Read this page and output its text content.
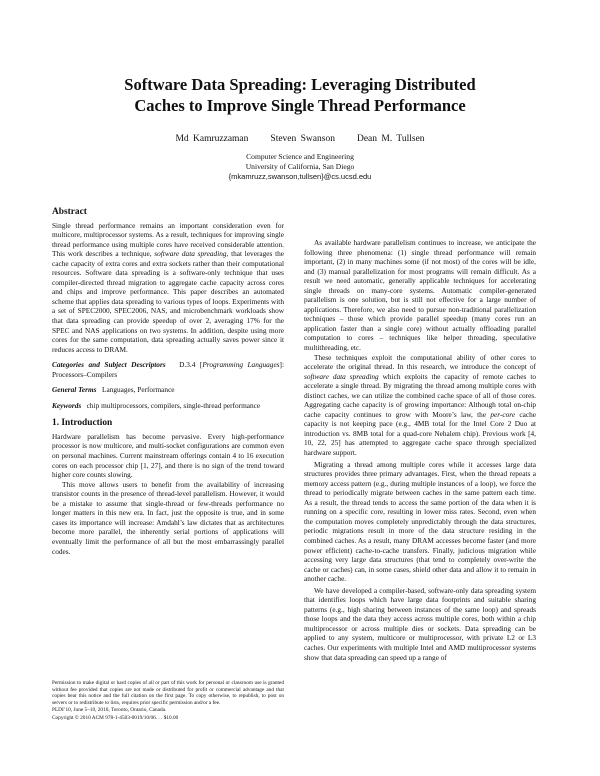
Software Data Spreading: Leveraging Distributed
Caches to Improve Single Thread Performance
Md Kamruzzaman Steven Swanson Dean M. Tullsen
Computer Science and Engineering
University of California, San Diego
{mkamruzz,swanson,tullsen}@cs.ucsd.edu
Abstract

Single thread performance remains an important consideration even for multicore, multiprocessor systems. As a result, techniques for improving single thread performance using multiple cores have received considerable attention. This work describes a technique, software data spreading, that leverages the cache capacity of extra cores and extra sockets rather than their computational resources. Software data spreading is a software-only technique that uses compiler-directed thread migration to aggregate cache capacity across cores and chips and improve performance. This paper describes an automated scheme that applies data spreading to various types of loops. Experiments with a set of SPEC2000, SPEC2006, NAS, and microbenchmark workloads show that data spreading can provide speedup of over 2, averaging 17% for the SPEC and NAS applications on two systems. In addition, despite using more cores for the same computation, data spreading actually saves power since it reduces access to DRAM.

Categories and Subject Descriptors D.3.4 [Programming Languages]: Processors–Compilers

General Terms Languages, Performance

Keywords chip multiprocessors, compilers, single-thread performance

1. Introduction

Hardware parallelism has become pervasive. Every high-performance processor is now multicore, and multi-socket configurations are common even on personal machines. Current mainstream offerings contain 4 to 16 execution cores on each processor chip [1, 27], and there is no sign of the trend toward higher core counts slowing.

This move allows users to benefit from the availability of increasing transistor counts in the presence of thread-level parallelism. However, it would be a mistake to assume that single-thread or few-threads performance no longer matters in this new era. In fact, just the opposite is true, and in some cases its importance will increase: Amdahl’s law dictates that as architectures become more parallel, the inherently serial portions of applications will eventually limit the performance of all but the most embarrassingly parallel codes.

Permission to make digital or hard copies of all or part of this work for personal or classroom use is granted without fee provided that copies are not made or distributed for profit or commercial advantage and that copies bear this notice and the full citation on the first page. To copy otherwise, to republish, to post on servers or to redistribute to lists, requires prior specific permission and/or a fee.

PLDI’10, June 5–10, 2010, Toronto, Ontario, Canada.

Copyright © 2010 ACM 978-1-4503-0019/10/06. . . $10.00

As available hardware parallelism continues to increase, we anticipate the following three phenomena: (1) single thread performance will remain important, (2) in many machines some (if not most) of the cores will be idle, and (3) manual parallelization for most programs will remain difficult. As a result we need automatic, generally applicable techniques for accelerating single threads on many-core systems. Automatic compiler-generated parallelism is one solution, but is still not effective for a large number of applications. Therefore, we also need to pursue non-traditional parallelization techniques – those which provide parallel speedup (many cores run an application faster than a single core) without actually offloading parallel computation to cores – techniques like helper threading, speculative multithreading, etc.

These techniques exploit the computational ability of other cores to accelerate the original thread. In this research, we introduce the concept of software data spreading which exploits the capacity of remote caches to accelerate a single thread. By migrating the thread among multiple cores with distinct caches, we can utilize the combined cache space of all of those cores. Aggregating cache capacity is of growing importance: Although total on-chip cache capacity continues to grow with Moore’s law, the per-core cache capacity is not keeping pace (e.g., 4MB total for the Intel Core 2 Duo at introduction vs. 8MB total for a quad-core Nehalem chip). Previous work [4, 10, 22, 25] has attempted to aggregate cache space through specialized hardware support.

Migrating a thread among multiple cores while it accesses large data structures provides three primary advantages. First, when the thread repeats a memory access pattern (e.g., during multiple instances of a loop), we force the thread to periodically migrate between caches in the same pattern each time. As a result, the thread tends to access the same portion of the data when it is running on a specific core, resulting in lower miss rates. Second, even when the computation moves completely unpredictably through the data structures, periodic migrations result in more of the data structure residing in the combined caches. As a result, many DRAM accesses become faster (and more power efficient) cache-to-cache transfers. Finally, judicious migration while accessing very large data structures (that tend to completely over-write the cache or caches) can, in some cases, shield other data and allow it to remain in another cache.

We have developed a compiler-based, software-only data spreading system that identifies loops which have large data footprints and suitable sharing patterns (e.g., high sharing between instances of the same loop) and spreads those loops and the data they access across multiple cores, both within a chip multiprocessor or across multiple dies or sockets. Data spreading can be applied to any system, multicore or multiprocessor, with private L2 or L3 caches. Our experiments with multiple Intel and AMD multiprocessor systems show that data spreading can speed up a range of
